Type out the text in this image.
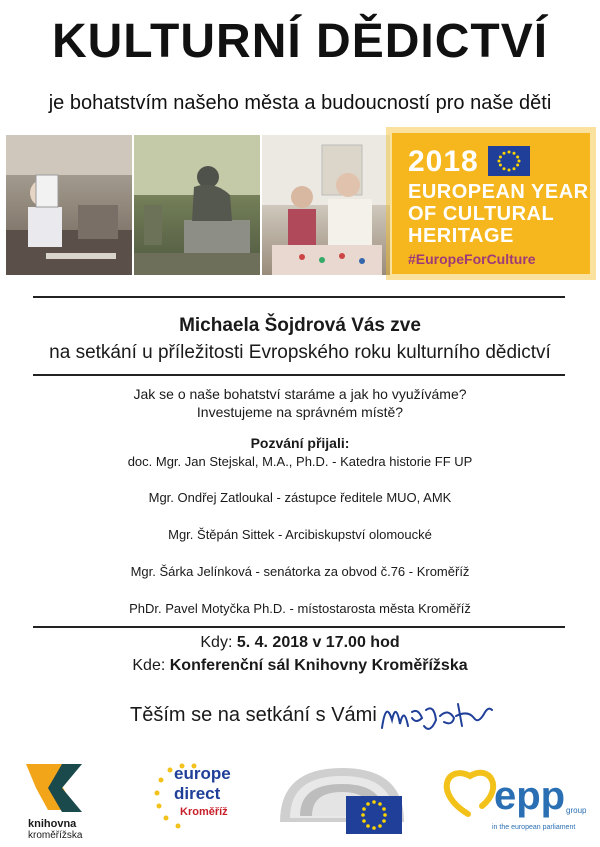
KULTURNÍ DĚDICTVÍ
je bohatstvím našeho města a budoucností pro naše děti
2018
EUROPEAN YEAR
OF CULTURAL
HERITAGE
#EuropeForCulture
Michaela Šojdrová Vás zve
na setkání u příležitosti Evropského roku kulturního dědictví
Jak se o naše bohatství staráme a jak ho využíváme?
Investujeme na správném místě?
Pozvání přijali:
doc. Mgr. Jan Stejskal, M.A., Ph.D. - Katedra historie FF UP
Mgr. Ondřej Zatloukal - zástupce ředitele MUO, AMK
Mgr. Štěpán Sittek - Arcibiskupství olomoucké
Mgr. Šárka Jelínková - senátorka za obvod č.76 - Kroměříž
PhDr. Pavel Motyčka Ph.D. - místostarosta města Kroměříž
Kdy: 5. 4. 2018 v 17.00 hod
Kde: Konferenční sál Knihovny Kroměřížska
Těším se na setkání s Vámi
knihovna
kroměřížska
europe
direct
Kroměříž	epp group
in the european parliament
